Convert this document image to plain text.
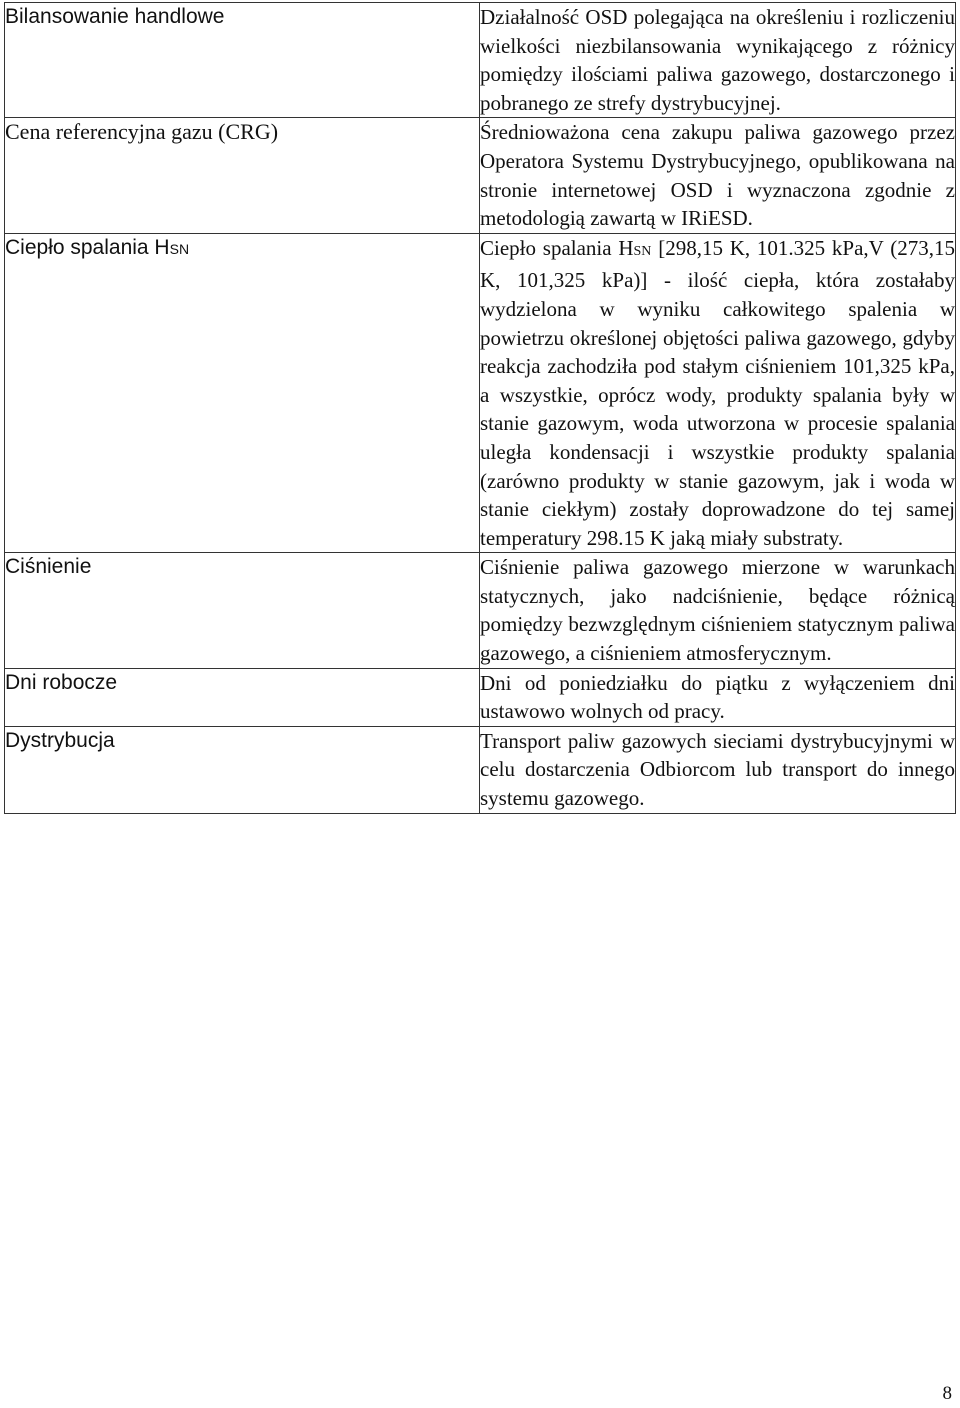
Bilansowanie handlowe	Działalność OSD polegająca na określeniu i rozliczeniu wielkości niezbilansowania wynikającego z różnicy pomiędzy ilościami paliwa gazowego, dostarczonego i pobranego ze strefy dystrybucyjnej.
Cena referencyjna gazu (CRG)	Średnioważona cena zakupu paliwa gazowego przez Operatora Systemu Dystrybucyjnego, opublikowana na stronie internetowej OSD i wyznaczona zgodnie z metodologią zawartą w IRiESD.
Ciepło spalania HSN	Ciepło spalania HSN [298,15 K, 101.325 kPa,V (273,15 K, 101,325 kPa)] - ilość ciepła, która zostałaby wydzielona w wyniku całkowitego spalenia w powietrzu określonej objętości paliwa gazowego, gdyby reakcja zachodziła pod stałym ciśnieniem 101,325 kPa, a wszystkie, oprócz wody, produkty spalania były w stanie gazowym, woda utworzona w procesie spalania uległa kondensacji i wszystkie produkty spalania (zarówno produkty w stanie gazowym, jak i woda w stanie ciekłym) zostały doprowadzone do tej samej temperatury 298.15 K jaką miały substraty.
Ciśnienie	Ciśnienie paliwa gazowego mierzone w warunkach statycznych, jako nadciśnienie, będące różnicą pomiędzy bezwzględnym ciśnieniem statycznym paliwa gazowego, a ciśnieniem atmosferycznym.
Dni robocze	Dni od poniedziałku do piątku z wyłączeniem dni ustawowo wolnych od pracy.
Dystrybucja	Transport paliw gazowych sieciami dystrybucyjnymi w celu dostarczenia Odbiorcom lub transport do innego systemu gazowego.
8
